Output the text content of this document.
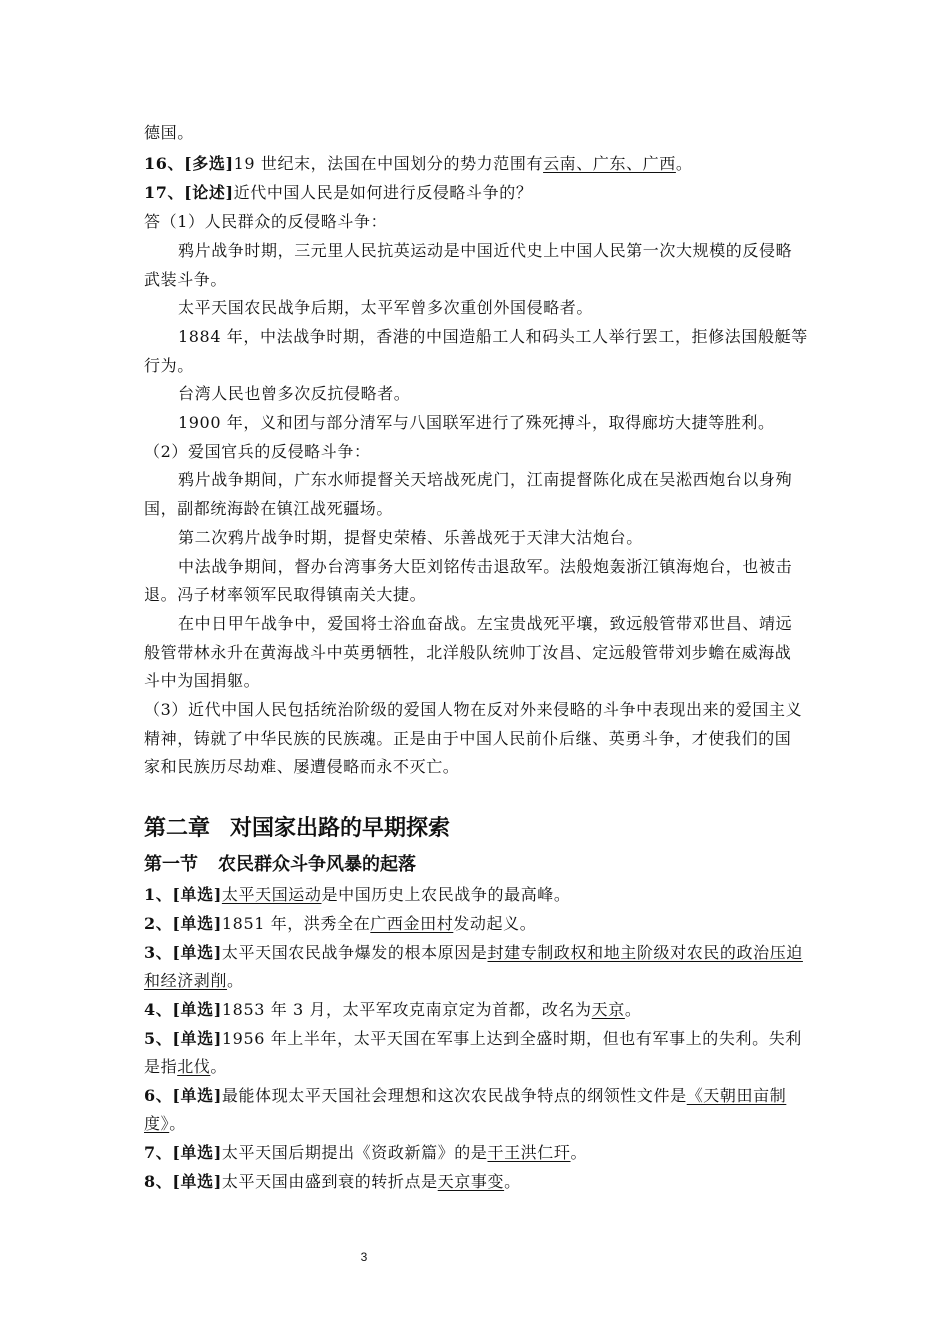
德国。
16、[多选]19 世纪末，法国在中国划分的势力范围有云南、广东、广西。
17、[论述]近代中国人民是如何进行反侵略斗争的？
答（1）人民群众的反侵略斗争：
鸦片战争时期，三元里人民抗英运动是中国近代史上中国人民第一次大规模的反侵略
武装斗争。
太平天国农民战争后期，太平军曾多次重创外国侵略者。
1884 年，中法战争时期，香港的中国造船工人和码头工人举行罢工，拒修法国般艇等
行为。
台湾人民也曾多次反抗侵略者。
1900 年，义和团与部分清军与八国联军进行了殊死搏斗，取得廊坊大捷等胜利。
（2）爱国官兵的反侵略斗争：
鸦片战争期间，广东水师提督关天培战死虎门，江南提督陈化成在吴淞西炮台以身殉
国，副都统海龄在镇江战死疆场。
第二次鸦片战争时期，提督史荣椿、乐善战死于天津大沽炮台。
中法战争期间，督办台湾事务大臣刘铭传击退敌军。法般炮轰浙江镇海炮台，也被击
退。冯子材率领军民取得镇南关大捷。
在中日甲午战争中，爱国将士浴血奋战。左宝贵战死平壤，致远般管带邓世昌、靖远
般管带林永升在黄海战斗中英勇牺牲，北洋般队统帅丁汝昌、定远般管带刘步蟾在威海战
斗中为国捐躯。
（3）近代中国人民包括统治阶级的爱国人物在反对外来侵略的斗争中表现出来的爱国主义
精神，铸就了中华民族的民族魂。正是由于中国人民前仆后继、英勇斗争，才使我们的国
家和民族历尽劫难、屡遭侵略而永不灭亡。
第二章 对国家出路的早期探索
第一节 农民群众斗争风暴的起落
1、[单选]太平天国运动是中国历史上农民战争的最高峰。
2、[单选]1851 年，洪秀全在广西金田村发动起义。
3、[单选]太平天国农民战争爆发的根本原因是封建专制政权和地主阶级对农民的政治压迫
和经济剥削。
4、[单选]1853 年 3 月，太平军攻克南京定为首都，改名为天京。
5、[单选]1956 年上半年，太平天国在军事上达到全盛时期，但也有军事上的失利。失利
是指北伐。
6、[单选]最能体现太平天国社会理想和这次农民战争特点的纲领性文件是《天朝田亩制
度》。
7、[单选]太平天国后期提出《资政新篇》的是干王洪仁玕。
8、[单选]太平天国由盛到衰的转折点是天京事变。
3
